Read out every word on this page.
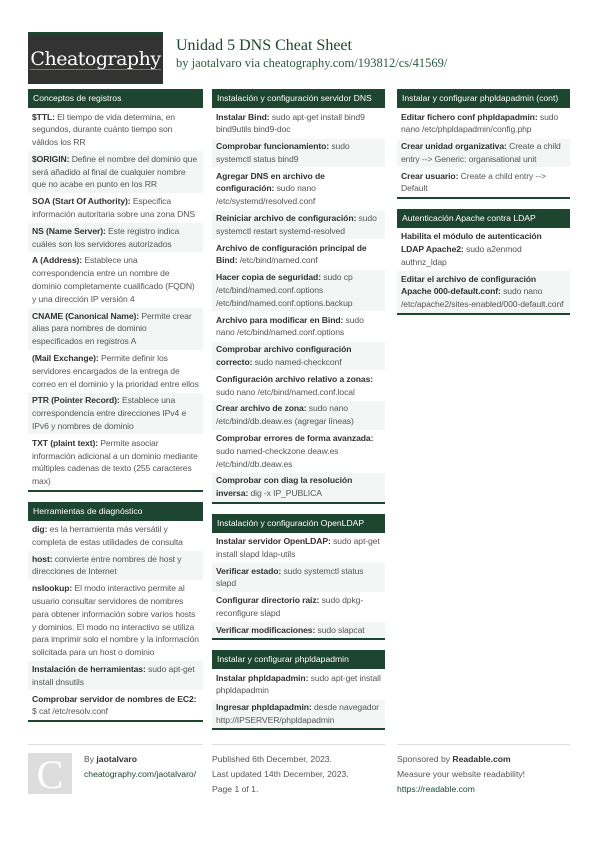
Cheatography
Unidad 5 DNS Cheat Sheet
by jaotalvaro via cheatography.com/193812/cs/41569/
Conceptos de registros
$TTL: El tiempo de vida determina, en segundos, durante cuánto tiempo son válidos los RR
$ORIGIN: Define el nombre del dominio que será añadido al final de cualquier nombre que no acabe en punto en los RR
SOA (Start Of Authority): Especifica información autoritaria sobre una zona DNS
NS (Name Server): Este registro indica cuáles son los servidores autorizados
A (Address): Establece una correspondencia entre un nombre de dominio completamente cualificado (FQDN) y una dirección IP versión 4
CNAME (Canonical Name): Permite crear alias para nombres de dominio especificados en registros A
(Mail Exchange): Permite definir los servidores encargados de la entrega de correo en el dominio y la prioridad entre ellos
PTR (Pointer Record): Establece una correspondencia entre direcciones IPv4 e IPv6 y nombres de dominio
TXT (plaint text): Permite asociar información adicional a un dominio mediante múltiples cadenas de texto (255 caracteres max)
Herramientas de diagnóstico
dig: es la herramienta más versátil y completa de estas utilidades de consulta
host: convierte entre nombres de host y direcciones de Internet
nslookup: El modo interactivo permite al usuario consultar servidores de nombres para obtener información sobre varios hosts y dominios. El modo no interactivo se utiliza para imprimir solo el nombre y la información solicitada para un host o dominio
Instalación de herramientas: sudo apt-get install dnsutils
Comprobar servidor de nombres de EC2: $ cat /etc/resolv.conf
Instalación y configuración servidor DNS
Instalar Bind: sudo apt-get install bind9 bind9utils bind9-doc
Comprobar funcionamiento: sudo systemctl status bind9
Agregar DNS en archivo de configuración: sudo nano /etc/systemd/resolved.conf
Reiniciar archivo de configuración: sudo systemctl restart systemd-resolved
Archivo de configuración principal de Bind: /etc/bind/named.conf
Hacer copia de seguridad: sudo cp /etc/bind/named.conf.options /etc/bind/named.conf.options.backup
Archivo para modificar en Bind: sudo nano /etc/bind/named.conf.options
Comprobar archivo configuración correcto: sudo named-checkconf
Configuración archivo relativo a zonas: sudo nano /etc/bind/named.conf.local
Crear archivo de zona: sudo nano /etc/bind/db.deaw.es (agregar líneas)
Comprobar errores de forma avanzada: sudo named-checkzone deaw.es /etc/bind/db.deaw.es
Comprobar con diag la resolución inversa: dig -x IP_PUBLICA
Instalación y configuración OpenLDAP
Instalar servidor OpenLDAP: sudo apt-get install slapd ldap-utils
Verificar estado: sudo systemctl status slapd
Configurar directorio raíz: sudo dpkg-reconfigure slapd
Verificar modificaciones: sudo slapcat
Instalar y configurar phpldapadmin
Instalar phpldapadmin: sudo apt-get install phpldapadmin
Ingresar phpldapadmin: desde navegador http://IPSERVER/phpldapadmin
Instalar y configurar phpldapadmin (cont)
Editar fichero conf phpldapadmin: sudo nano /etc/phpldapadmin/config.php
Crear unidad organizativa: Create a child entry --> Generic: organisational unit
Crear usuario: Create a child entry --> Default
Autenticación Apache contra LDAP
Habilita el módulo de autenticación LDAP Apache2: sudo a2enmod authnz_ldap
Editar el archivo de configuración Apache 000-default.conf: sudo nano /etc/apache2/sites-enabled/000-default.conf
C	By jaotalvaro
cheatography.com/jaotalvaro/
Published 6th December, 2023.
Last updated 14th December, 2023.
Page 1 of 1.
Sponsored by Readable.com
Measure your website readability!
https://readable.com
